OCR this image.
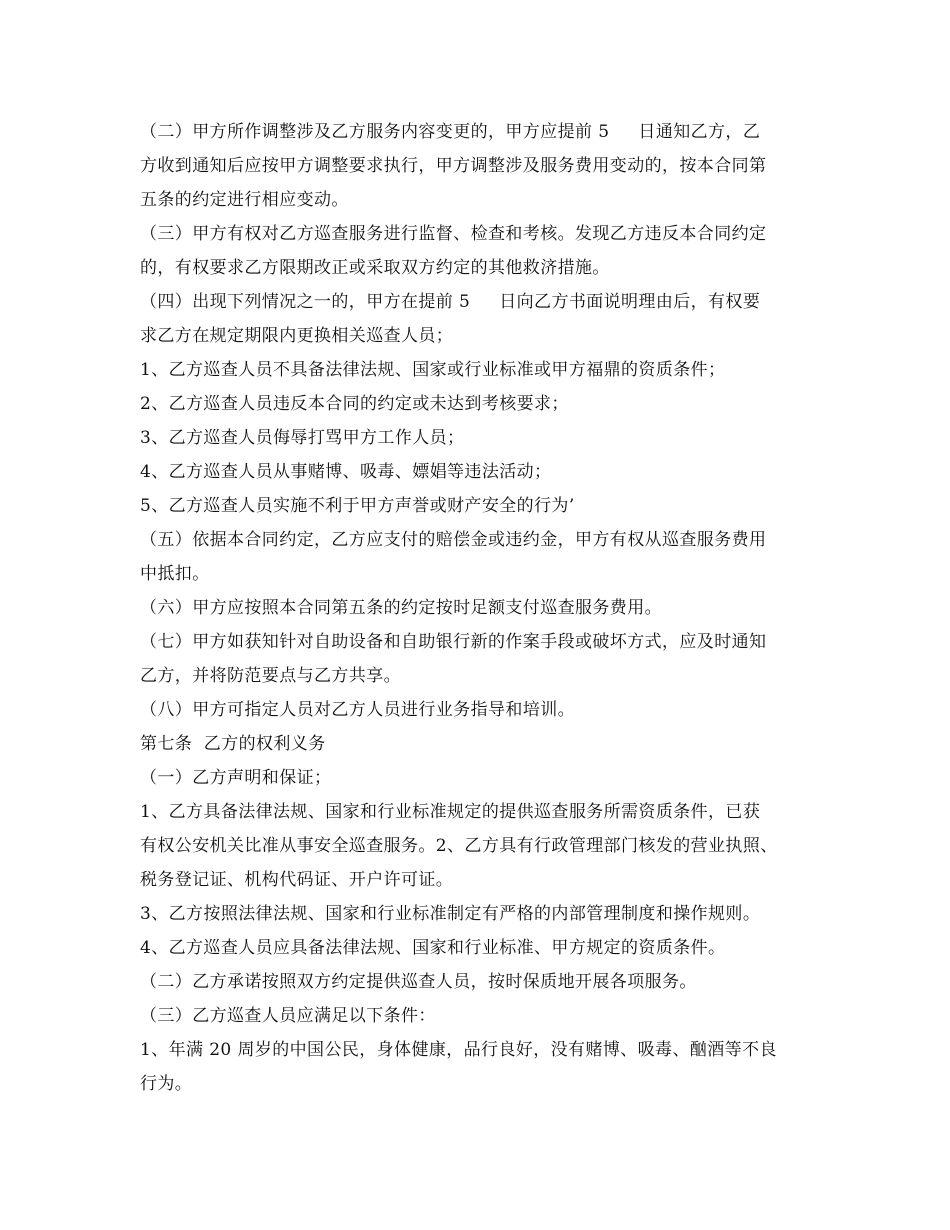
（二）甲方所作调整涉及乙方服务内容变更的，甲方应提前 5     日通知乙方，乙
方收到通知后应按甲方调整要求执行，甲方调整涉及服务费用变动的，按本合同第
五条的约定进行相应变动。
（三）甲方有权对乙方巡查服务进行监督、检查和考核。发现乙方违反本合同约定
的，有权要求乙方限期改正或采取双方约定的其他救济措施。
（四）出现下列情况之一的，甲方在提前 5     日向乙方书面说明理由后，有权要
求乙方在规定期限内更换相关巡查人员；
1、乙方巡查人员不具备法律法规、国家或行业标准或甲方福鼎的资质条件；
2、乙方巡查人员违反本合同的约定或未达到考核要求；
3、乙方巡查人员侮辱打骂甲方工作人员；
4、乙方巡查人员从事赌博、吸毒、嫖娼等违法活动；
5、乙方巡查人员实施不利于甲方声誉或财产安全的行为’
（五）依据本合同约定，乙方应支付的赔偿金或违约金，甲方有权从巡查服务费用
中抵扣。
（六）甲方应按照本合同第五条的约定按时足额支付巡查服务费用。
（七）甲方如获知针对自助设备和自助银行新的作案手段或破坏方式，应及时通知
乙方，并将防范要点与乙方共享。
（八）甲方可指定人员对乙方人员进行业务指导和培训。
第七条  乙方的权利义务
（一）乙方声明和保证；
1、乙方具备法律法规、国家和行业标准规定的提供巡查服务所需资质条件，已获
有权公安机关比准从事安全巡查服务。2、乙方具有行政管理部门核发的营业执照、
税务登记证、机构代码证、开户许可证。
3、乙方按照法律法规、国家和行业标准制定有严格的内部管理制度和操作规则。
4、乙方巡查人员应具备法律法规、国家和行业标准、甲方规定的资质条件。
（二）乙方承诺按照双方约定提供巡查人员，按时保质地开展各项服务。
（三）乙方巡查人员应满足以下条件：
1、年满 20 周岁的中国公民，身体健康，品行良好，没有赌博、吸毒、酗酒等不良
行为。
